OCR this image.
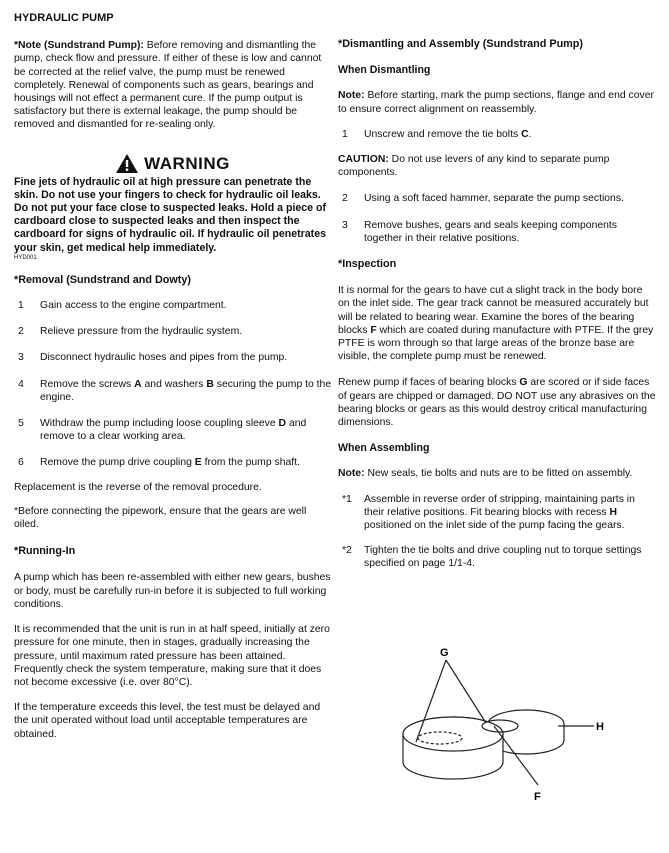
HYDRAULIC PUMP

*Note (Sundstrand Pump): Before removing and dismantling the pump, check flow and pressure. If either of these is low and cannot be corrected at the relief valve, the pump must be renewed completely. Renewal of components such as gears, bearings and housings will not effect a permanent cure. If the pump output is satisfactory but there is external leakage, the pump should be removed and dismantled for re-sealing only.

WARNING

Fine jets of hydraulic oil at high pressure can penetrate the skin. Do not use your fingers to check for hydraulic oil leaks. Do not put your face close to suspected leaks. Hold a piece of cardboard close to suspected leaks and then inspect the cardboard for signs of hydraulic oil. If hydraulic oil penetrates your skin, get medical help immediately.

HYD001

*Removal (Sundstrand and Dowty)
1	Gain access to the engine compartment.
2	Relieve pressure from the hydraulic system.
3	Disconnect hydraulic hoses and pipes from the pump.
4	Remove the screws A and washers B securing the pump to the engine.
5	Withdraw the pump including loose coupling sleeve D and remove to a clear working area.
6	Remove the pump drive coupling E from the pump shaft.

Replacement is the reverse of the removal procedure.

*Before connecting the pipework, ensure that the gears are well oiled.

*Running-In

A pump which has been re-assembled with either new gears, bushes or body, must be carefully run-in before it is subjected to full working conditions.

It is recommended that the unit is run in at half speed, initially at zero pressure for one minute, then in stages, gradually increasing the pressure, until maximum rated pressure has been attained. Frequently check the system temperature, making sure that it does not become excessive (i.e. over 80°C).

If the temperature exceeds this level, the test must be delayed and the unit operated without load until acceptable temperatures are obtained.

*Dismantling and Assembly (Sundstrand Pump)
When Dismantling

Note: Before starting, mark the pump sections, flange and end cover to ensure correct alignment on reassembly.

1	Unscrew and remove the tie bolts C.

CAUTION: Do not use levers of any kind to separate pump components.

2	Using a soft faced hammer, separate the pump sections.
3	Remove bushes, gears and seals keeping components together in their relative positions.
*Inspection

It is normal for the gears to have cut a slight track in the body bore on the inlet side. The gear track cannot be measured accurately but will be related to bearing wear. Examine the bores of the bearing blocks F which are coated during manufacture with PTFE. If the grey PTFE is worn through so that large areas of the bronze base are visible, the complete pump must be renewed.

Renew pump if faces of bearing blocks G are scored or if side faces of gears are chipped or damaged. DO NOT use any abrasives on the bearing blocks or gears as this would destroy critical manufacturing dimensions.

When Assembling

Note: New seals, tie bolts and nuts are to be fitted on assembly.

*1	Assemble in reverse order of stripping, maintaining parts in their relative positions. Fit bearing blocks with recess H positioned on the inlet side of the pump facing the gears.
*2	Tighten the tie bolts and drive coupling nut to torque settings specified on page 1/1-4.
G
H
F
